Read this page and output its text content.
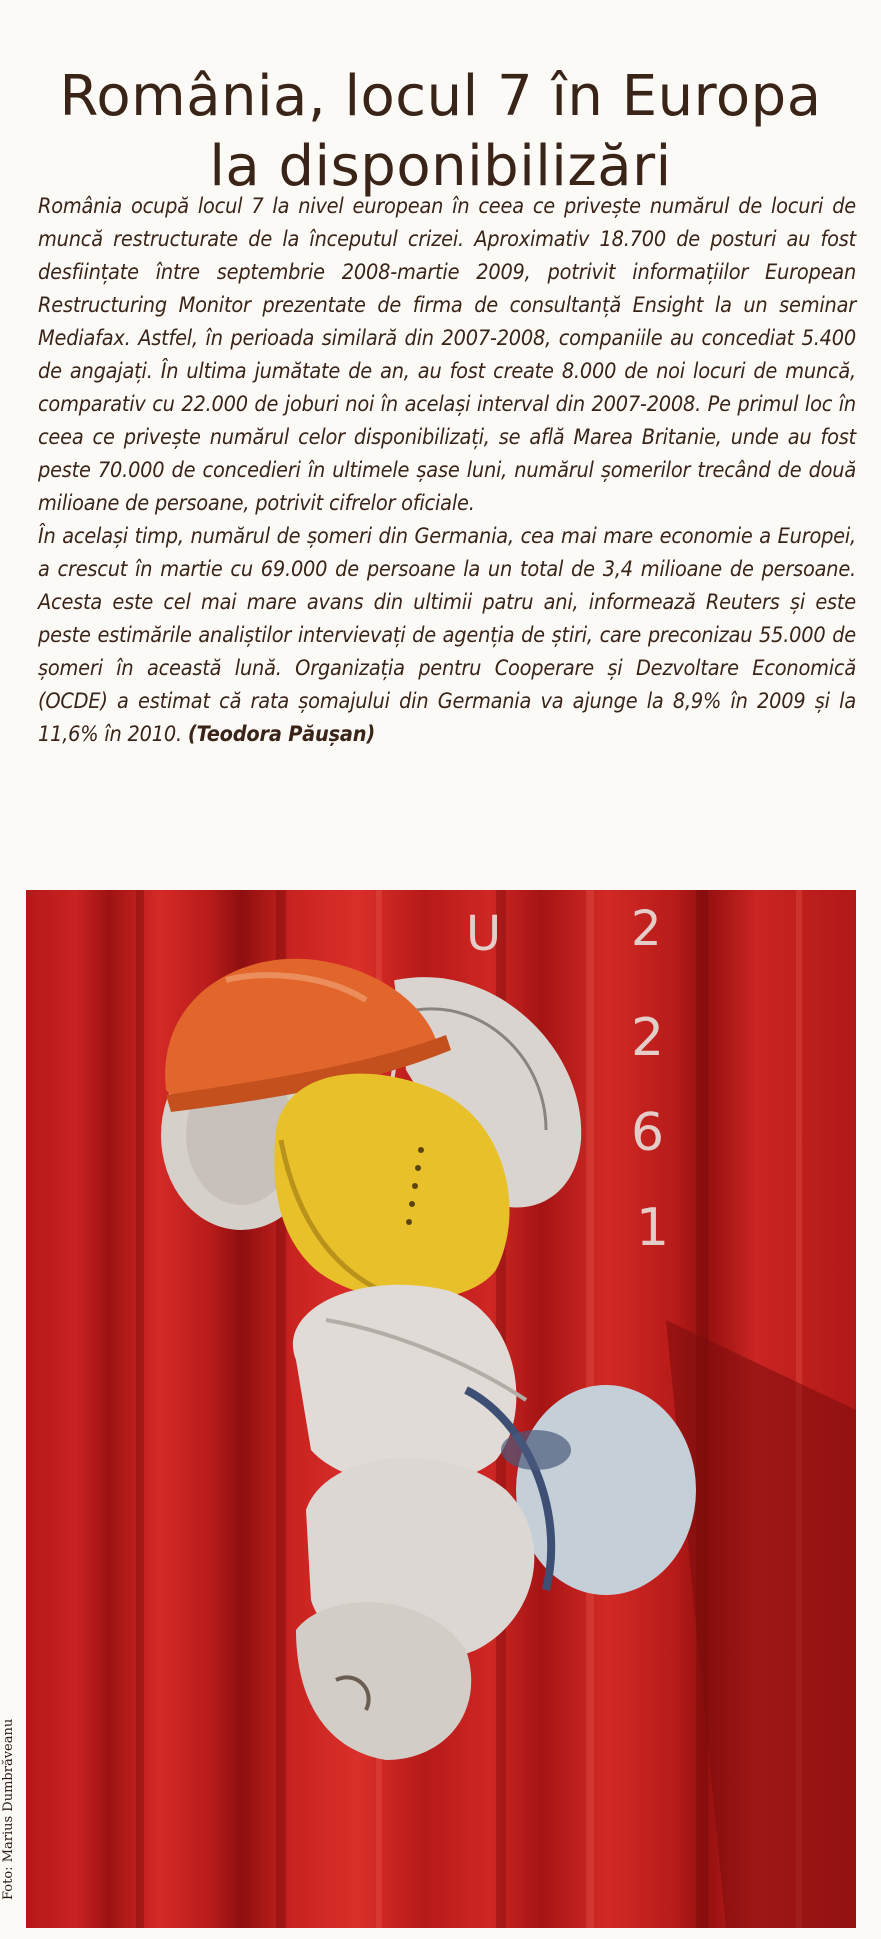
România, locul 7 în Europa
la disponibilizări

România ocupă locul 7 la nivel european în ceea ce privește numărul de locuri de muncă restructurate de la începutul crizei. Aproximativ 18.700 de posturi au fost desființate între septembrie 2008-martie 2009, potrivit informațiilor European Restructuring Monitor prezentate de firma de consultanță Ensight la un seminar Mediafax. Astfel, în perioada similară din 2007-2008, companiile au concediat 5.400 de angajați. În ultima jumătate de an, au fost create 8.000 de noi locuri de muncă, comparativ cu 22.000 de joburi noi în același interval din 2007-2008. Pe primul loc în ceea ce privește numărul celor disponibilizați, se află Marea Britanie, unde au fost peste 70.000 de concedieri în ultimele șase luni, numărul șomerilor trecând de două milioane de persoane, potrivit cifrelor oficiale.

În același timp, numărul de șomeri din Germania, cea mai mare economie a Europei, a crescut în martie cu 69.000 de persoane la un total de 3,4 milioane de persoane. Acesta este cel mai mare avans din ultimii patru ani, informează Reuters și este peste estimările analiștilor intervievați de agenția de știri, care preconizau 55.000 de șomeri în această lună. Organizația pentru Cooperare și Dezvoltare Economică (OCDE) a estimat că rata șomajului din Germania va ajunge la 8,9% în 2009 și la 11,6% în 2010. (Teodora Păușan)

U	2
2
6
1
Foto: Marius Dumbrăveanu
